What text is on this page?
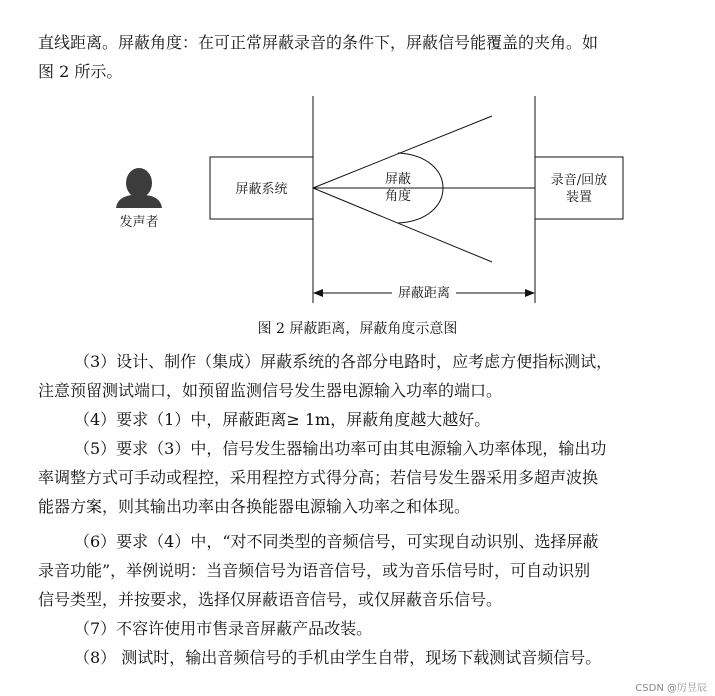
直线距离。屏蔽角度：在可正常屏蔽录音的条件下，屏蔽信号能覆盖的夹角。如
图 2 所示。
发声者
屏蔽系统
屏蔽
角度
录音/回放
装置
屏蔽距离
图 2 屏蔽距离，屏蔽角度示意图
（3）设计、制作（集成）屏蔽系统的各部分电路时，应考虑方便指标测试，
注意预留测试端口，如预留监测信号发生器电源输入功率的端口。
（4）要求（1）中，屏蔽距离≥ 1m，屏蔽角度越大越好。
（5）要求（3）中，信号发生器输出功率可由其电源输入功率体现，输出功
率调整方式可手动或程控，采用程控方式得分高；若信号发生器采用多超声波换
能器方案，则其输出功率由各换能器电源输入功率之和体现。
（6）要求（4）中，“对不同类型的音频信号，可实现自动识别、选择屏蔽
录音功能”，举例说明：当音频信号为语音信号，或为音乐信号时，可自动识别
信号类型，并按要求，选择仅屏蔽语音信号，或仅屏蔽音乐信号。
（7）不容许使用市售录音屏蔽产品改装。
（8） 测试时，输出音频信号的手机由学生自带，现场下载测试音频信号。
CSDN @厉昱辰
